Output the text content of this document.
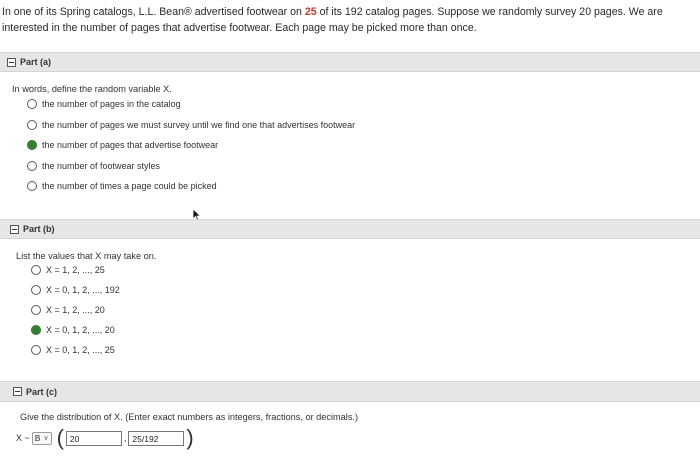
In one of its Spring catalogs, L.L. Bean® advertised footwear on 25 of its 192 catalog pages. Suppose we randomly survey 20 pages. We are interested in the number of pages that advertise footwear. Each page may be picked more than once.
Part (a)
In words, define the random variable X.
the number of pages in the catalog
the number of pages we must survey until we find one that advertises footwear
the number of pages that advertise footwear
the number of footwear styles
the number of times a page could be picked
Part (b)
List the values that X may take on.
X = 1, 2, ..., 25
X = 0, 1, 2, ..., 192
X = 1, 2, ..., 20
X = 0, 1, 2, ..., 20
X = 0, 1, 2, ..., 25
Part (c)
Give the distribution of X. (Enter exact numbers as integers, fractions, or decimals.)
X ~ B ∨ ( 20	, 25/192	)
